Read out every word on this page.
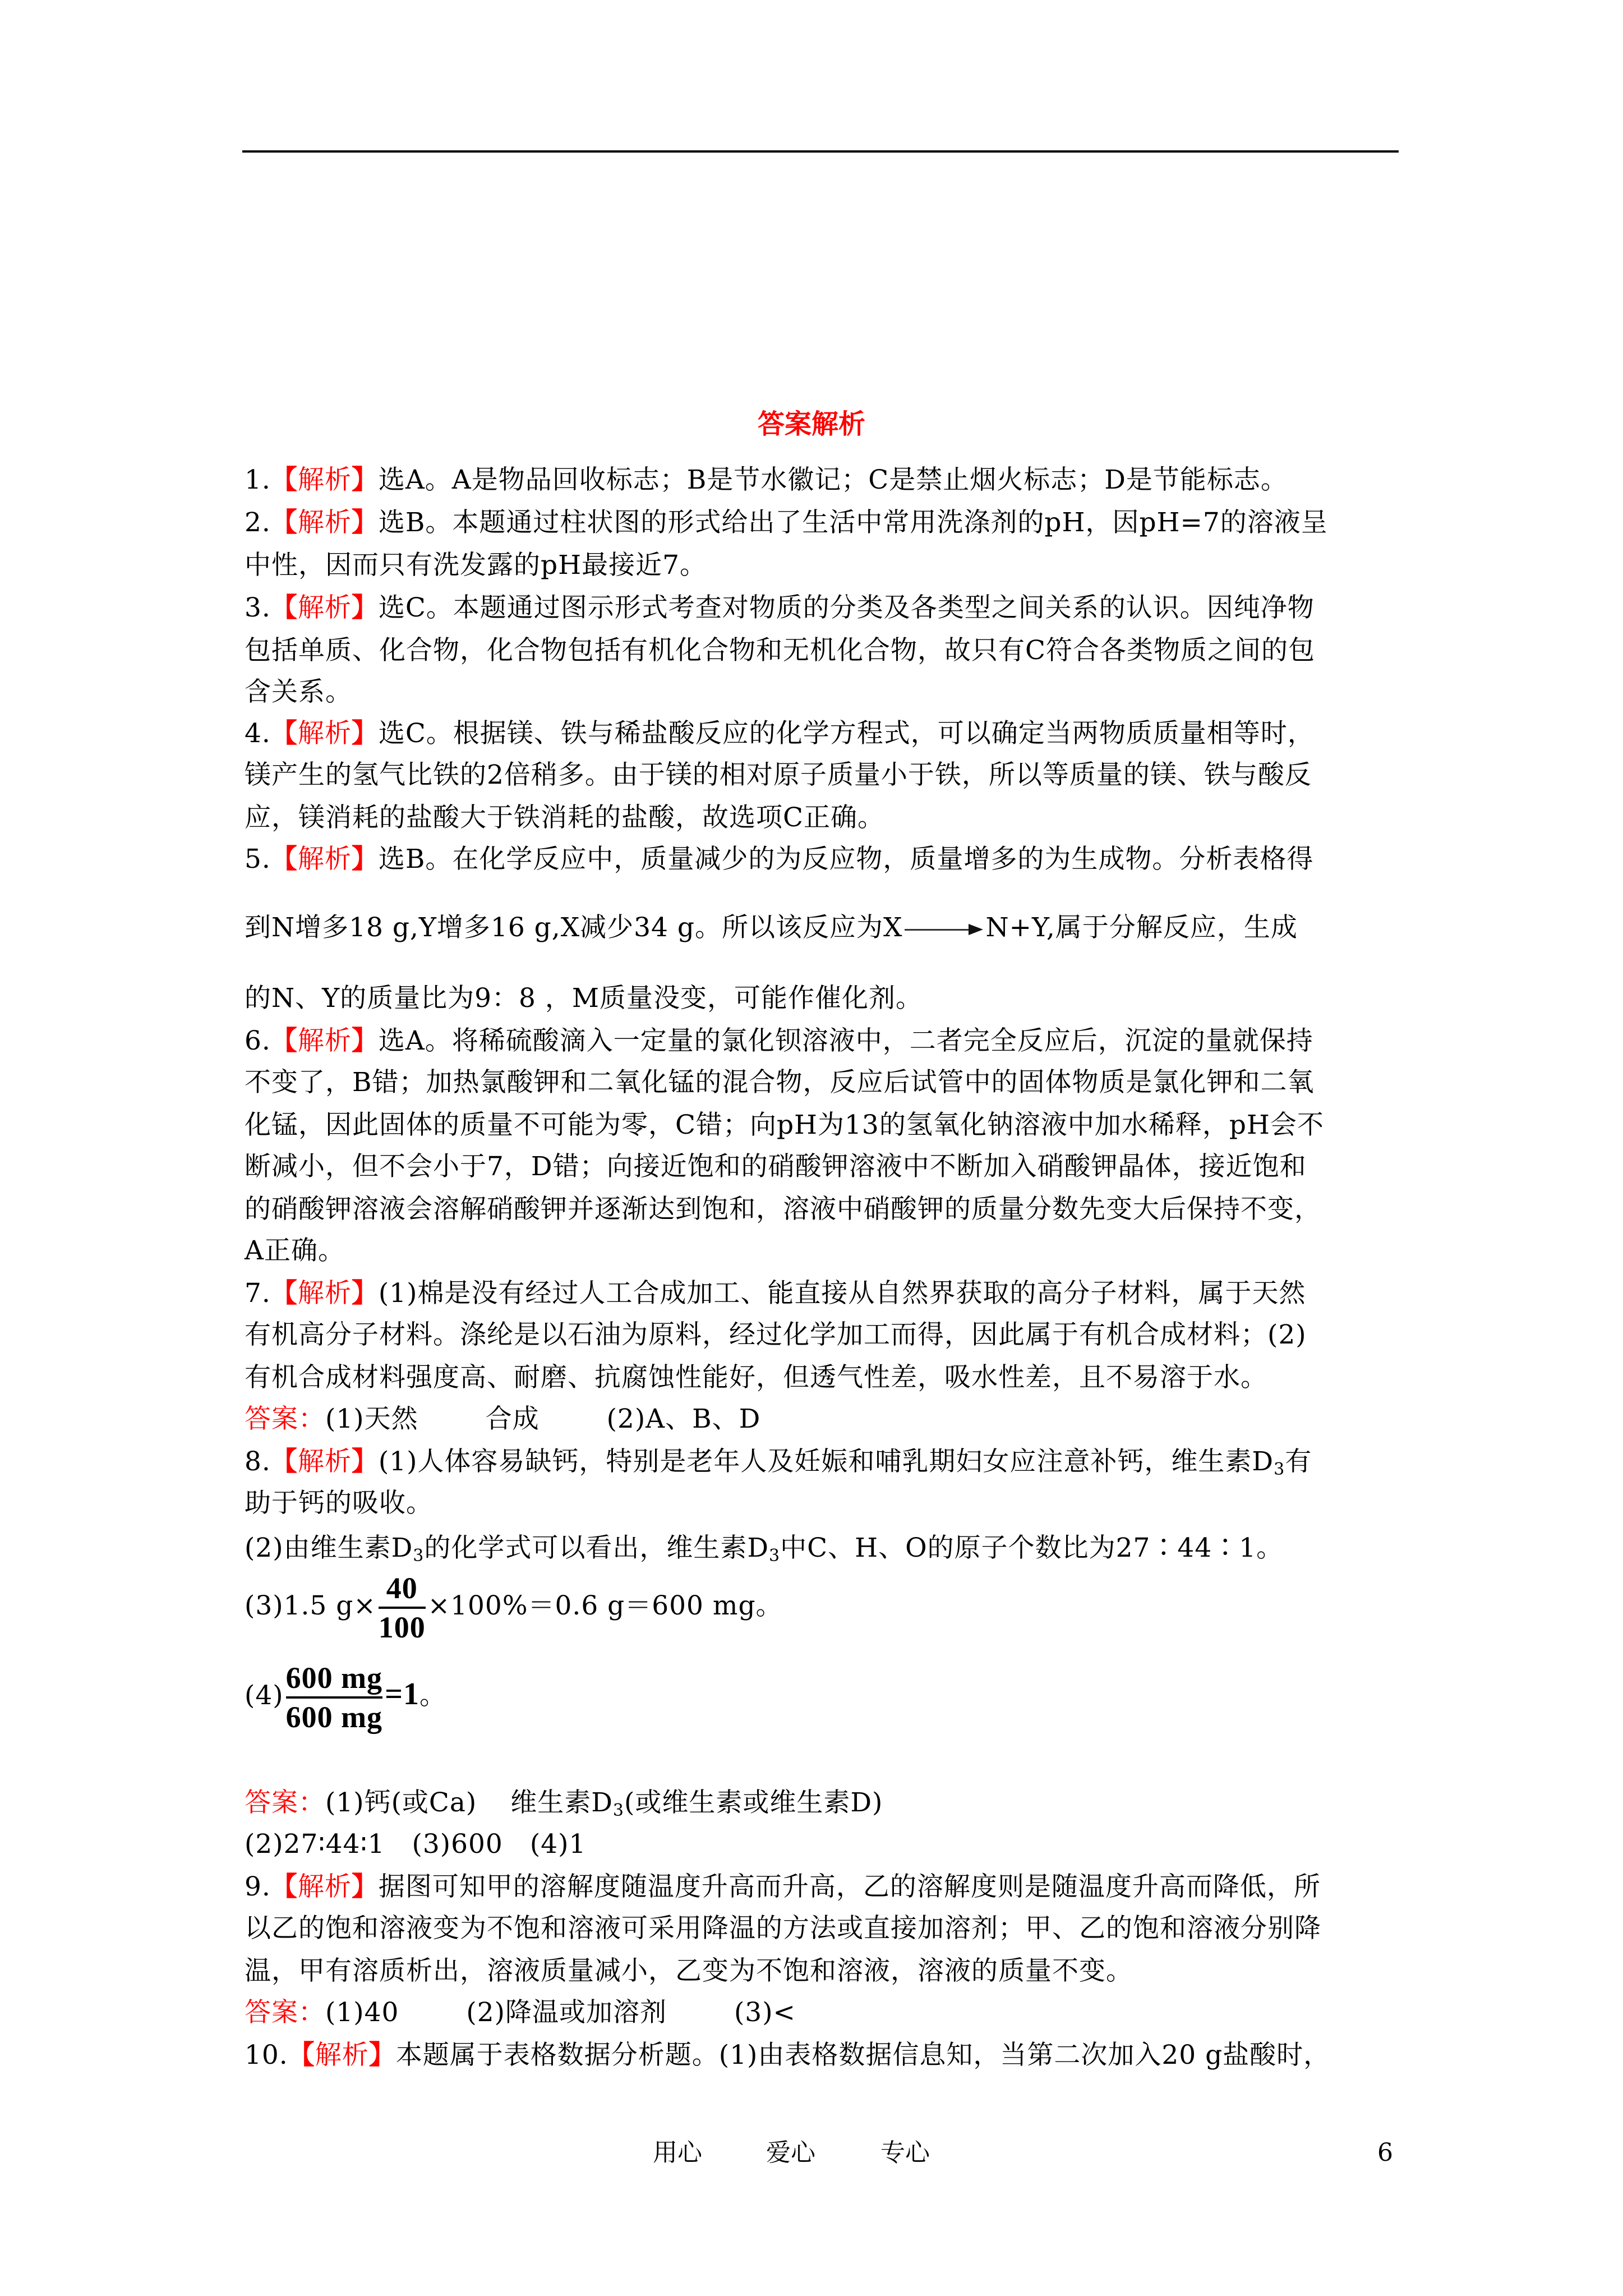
答案解析
1.【解析】选A。A是物品回收标志；B是节水徽记；C是禁止烟火标志；D是节能标志。
2.【解析】选B。本题通过柱状图的形式给出了生活中常用洗涤剂的pH，因pH=7的溶液呈
中性，因而只有洗发露的pH最接近7。
3.【解析】选C。本题通过图示形式考查对物质的分类及各类型之间关系的认识。因纯净物
包括单质、化合物，化合物包括有机化合物和无机化合物，故只有C符合各类物质之间的包
含关系。
4.【解析】选C。根据镁、铁与稀盐酸反应的化学方程式，可以确定当两物质质量相等时，
镁产生的氢气比铁的2倍稍多。由于镁的相对原子质量小于铁，所以等质量的镁、铁与酸反
应，镁消耗的盐酸大于铁消耗的盐酸，故选项C正确。
5.【解析】选B。在化学反应中，质量减少的为反应物，质量增多的为生成物。分析表格得
到N增多18 g,Y增多16 g,X减少34 g。所以该反应为X	N+Y,属于分解反应，生成
的N、Y的质量比为9：8 ，M质量没变，可能作催化剂。
6.【解析】选A。将稀硫酸滴入一定量的氯化钡溶液中，二者完全反应后，沉淀的量就保持
不变了，B错；加热氯酸钾和二氧化锰的混合物，反应后试管中的固体物质是氯化钾和二氧
化锰，因此固体的质量不可能为零，C错；向pH为13的氢氧化钠溶液中加水稀释，pH会不
断减小，但不会小于7，D错；向接近饱和的硝酸钾溶液中不断加入硝酸钾晶体，接近饱和
的硝酸钾溶液会溶解硝酸钾并逐渐达到饱和，溶液中硝酸钾的质量分数先变大后保持不变，
A正确。
7.【解析】(1)棉是没有经过人工合成加工、能直接从自然界获取的高分子材料，属于天然
有机高分子材料。涤纶是以石油为原料，经过化学加工而得，因此属于有机合成材料；(2)
有机合成材料强度高、耐磨、抗腐蚀性能好，但透气性差，吸水性差，且不易溶于水。
答案：(1)天然	合成	(2)A、B、D
8.【解析】(1)人体容易缺钙，特别是老年人及妊娠和哺乳期妇女应注意补钙，维生素$D_3$有
助于钙的吸收。
(2)由维生素$D_3$的化学式可以看出，维生素$D_3$中C、H、O的原子个数比为27∶44∶1。
(3)1.5 $g\times \frac{40}{100} \times 100\%=0.6$ g＝600 mg。
$(4) \frac{600 mg}{600 mg} =1$。
答案：(1)钙(或Ca) 维生素$D_3$(或维生素或维生素D)
(2)27∶44∶1　(3)600　(4)1
9.【解析】据图可知甲的溶解度随温度升高而升高，乙的溶解度则是随温度升高而降低，所
以乙的饱和溶液变为不饱和溶液可采用降温的方法或直接加溶剂；甲、乙的饱和溶液分别降
温，甲有溶质析出，溶液质量减小，乙变为不饱和溶液，溶液的质量不变。
答案：(1)40	(2)降温或加溶剂	(3)<
10.【解析】本题属于表格数据分析题。(1)由表格数据信息知，当第二次加入20 g盐酸时，
用心	爱心	专心	6
